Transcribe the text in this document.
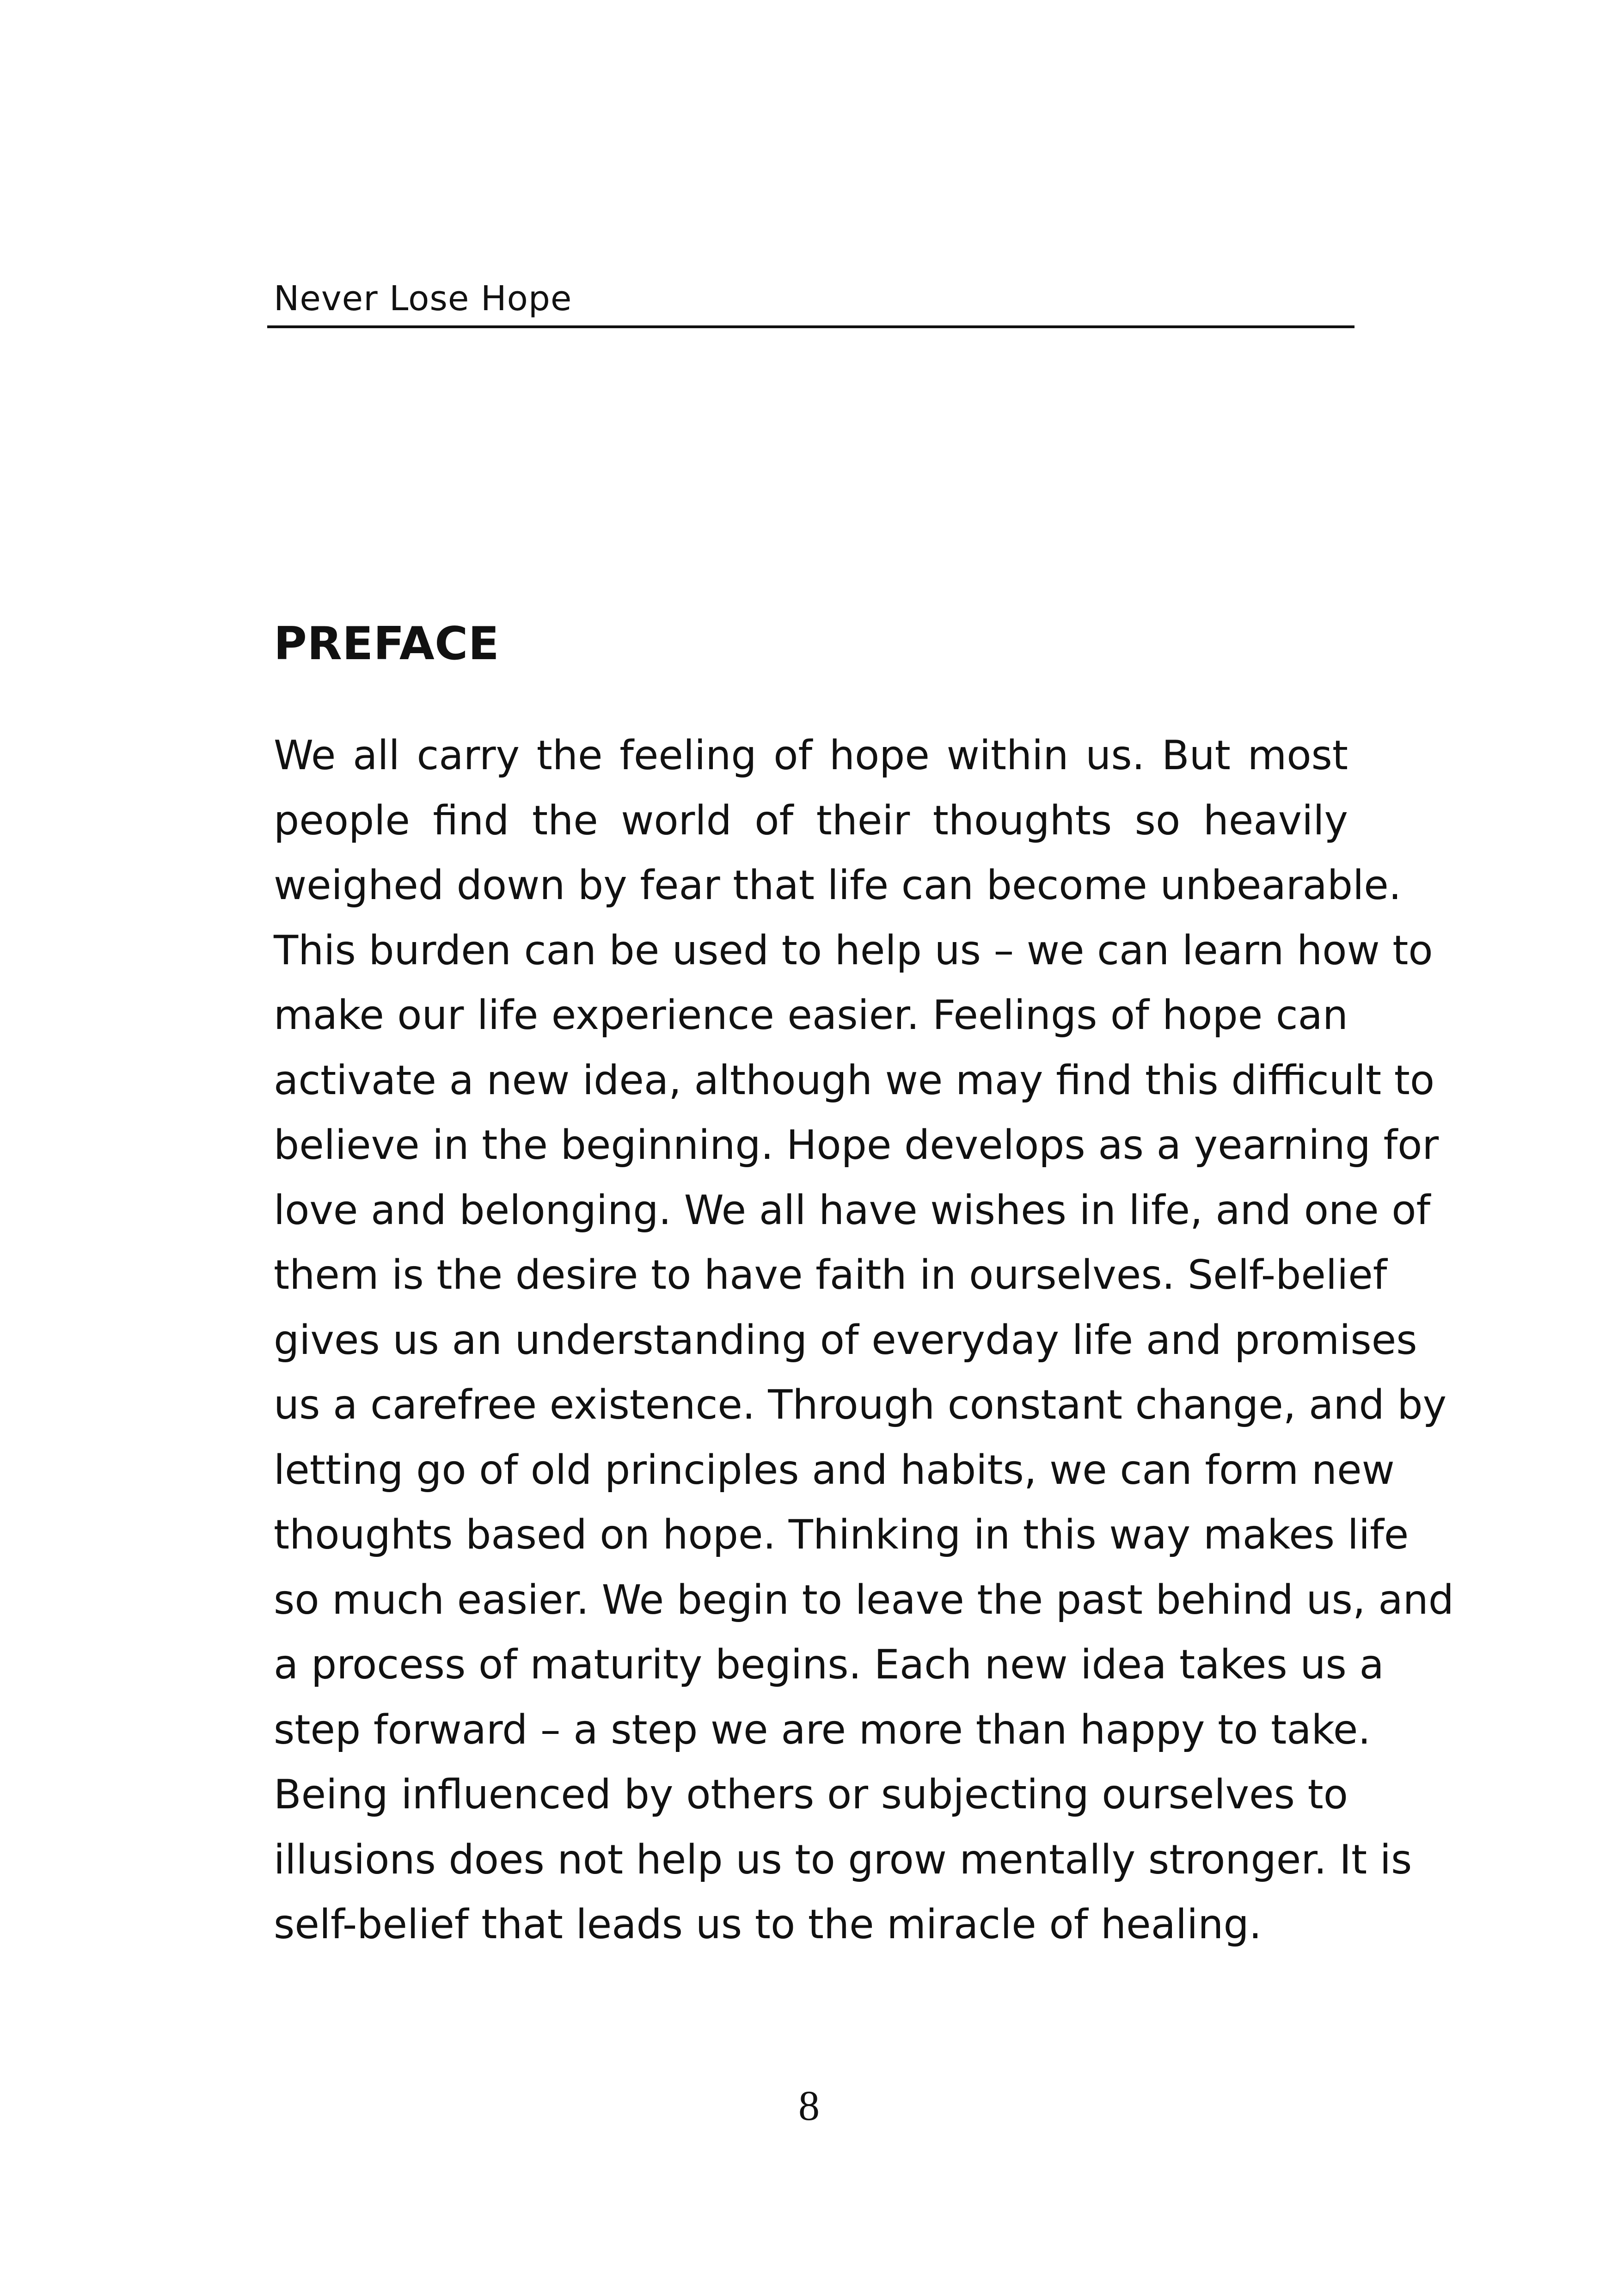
Never Lose Hope
PREFACE
We all carry the feeling of hope within us. But most
people find the world of their thoughts so heavily
weighed down by fear that life can become unbearable.
This burden can be used to help us – we can learn how to
make our life experience easier. Feelings of hope can
activate a new idea, although we may find this difficult to
believe in the beginning. Hope develops as a yearning for
love and belonging. We all have wishes in life, and one of
them is the desire to have faith in ourselves. Self-belief
gives us an understanding of everyday life and promises
us a carefree existence. Through constant change, and by
letting go of old principles and habits, we can form new
thoughts based on hope. Thinking in this way makes life
so much easier. We begin to leave the past behind us, and
a process of maturity begins. Each new idea takes us a
step forward – a step we are more than happy to take.
Being influenced by others or subjecting ourselves to
illusions does not help us to grow mentally stronger. It is
self-belief that leads us to the miracle of healing.
8
